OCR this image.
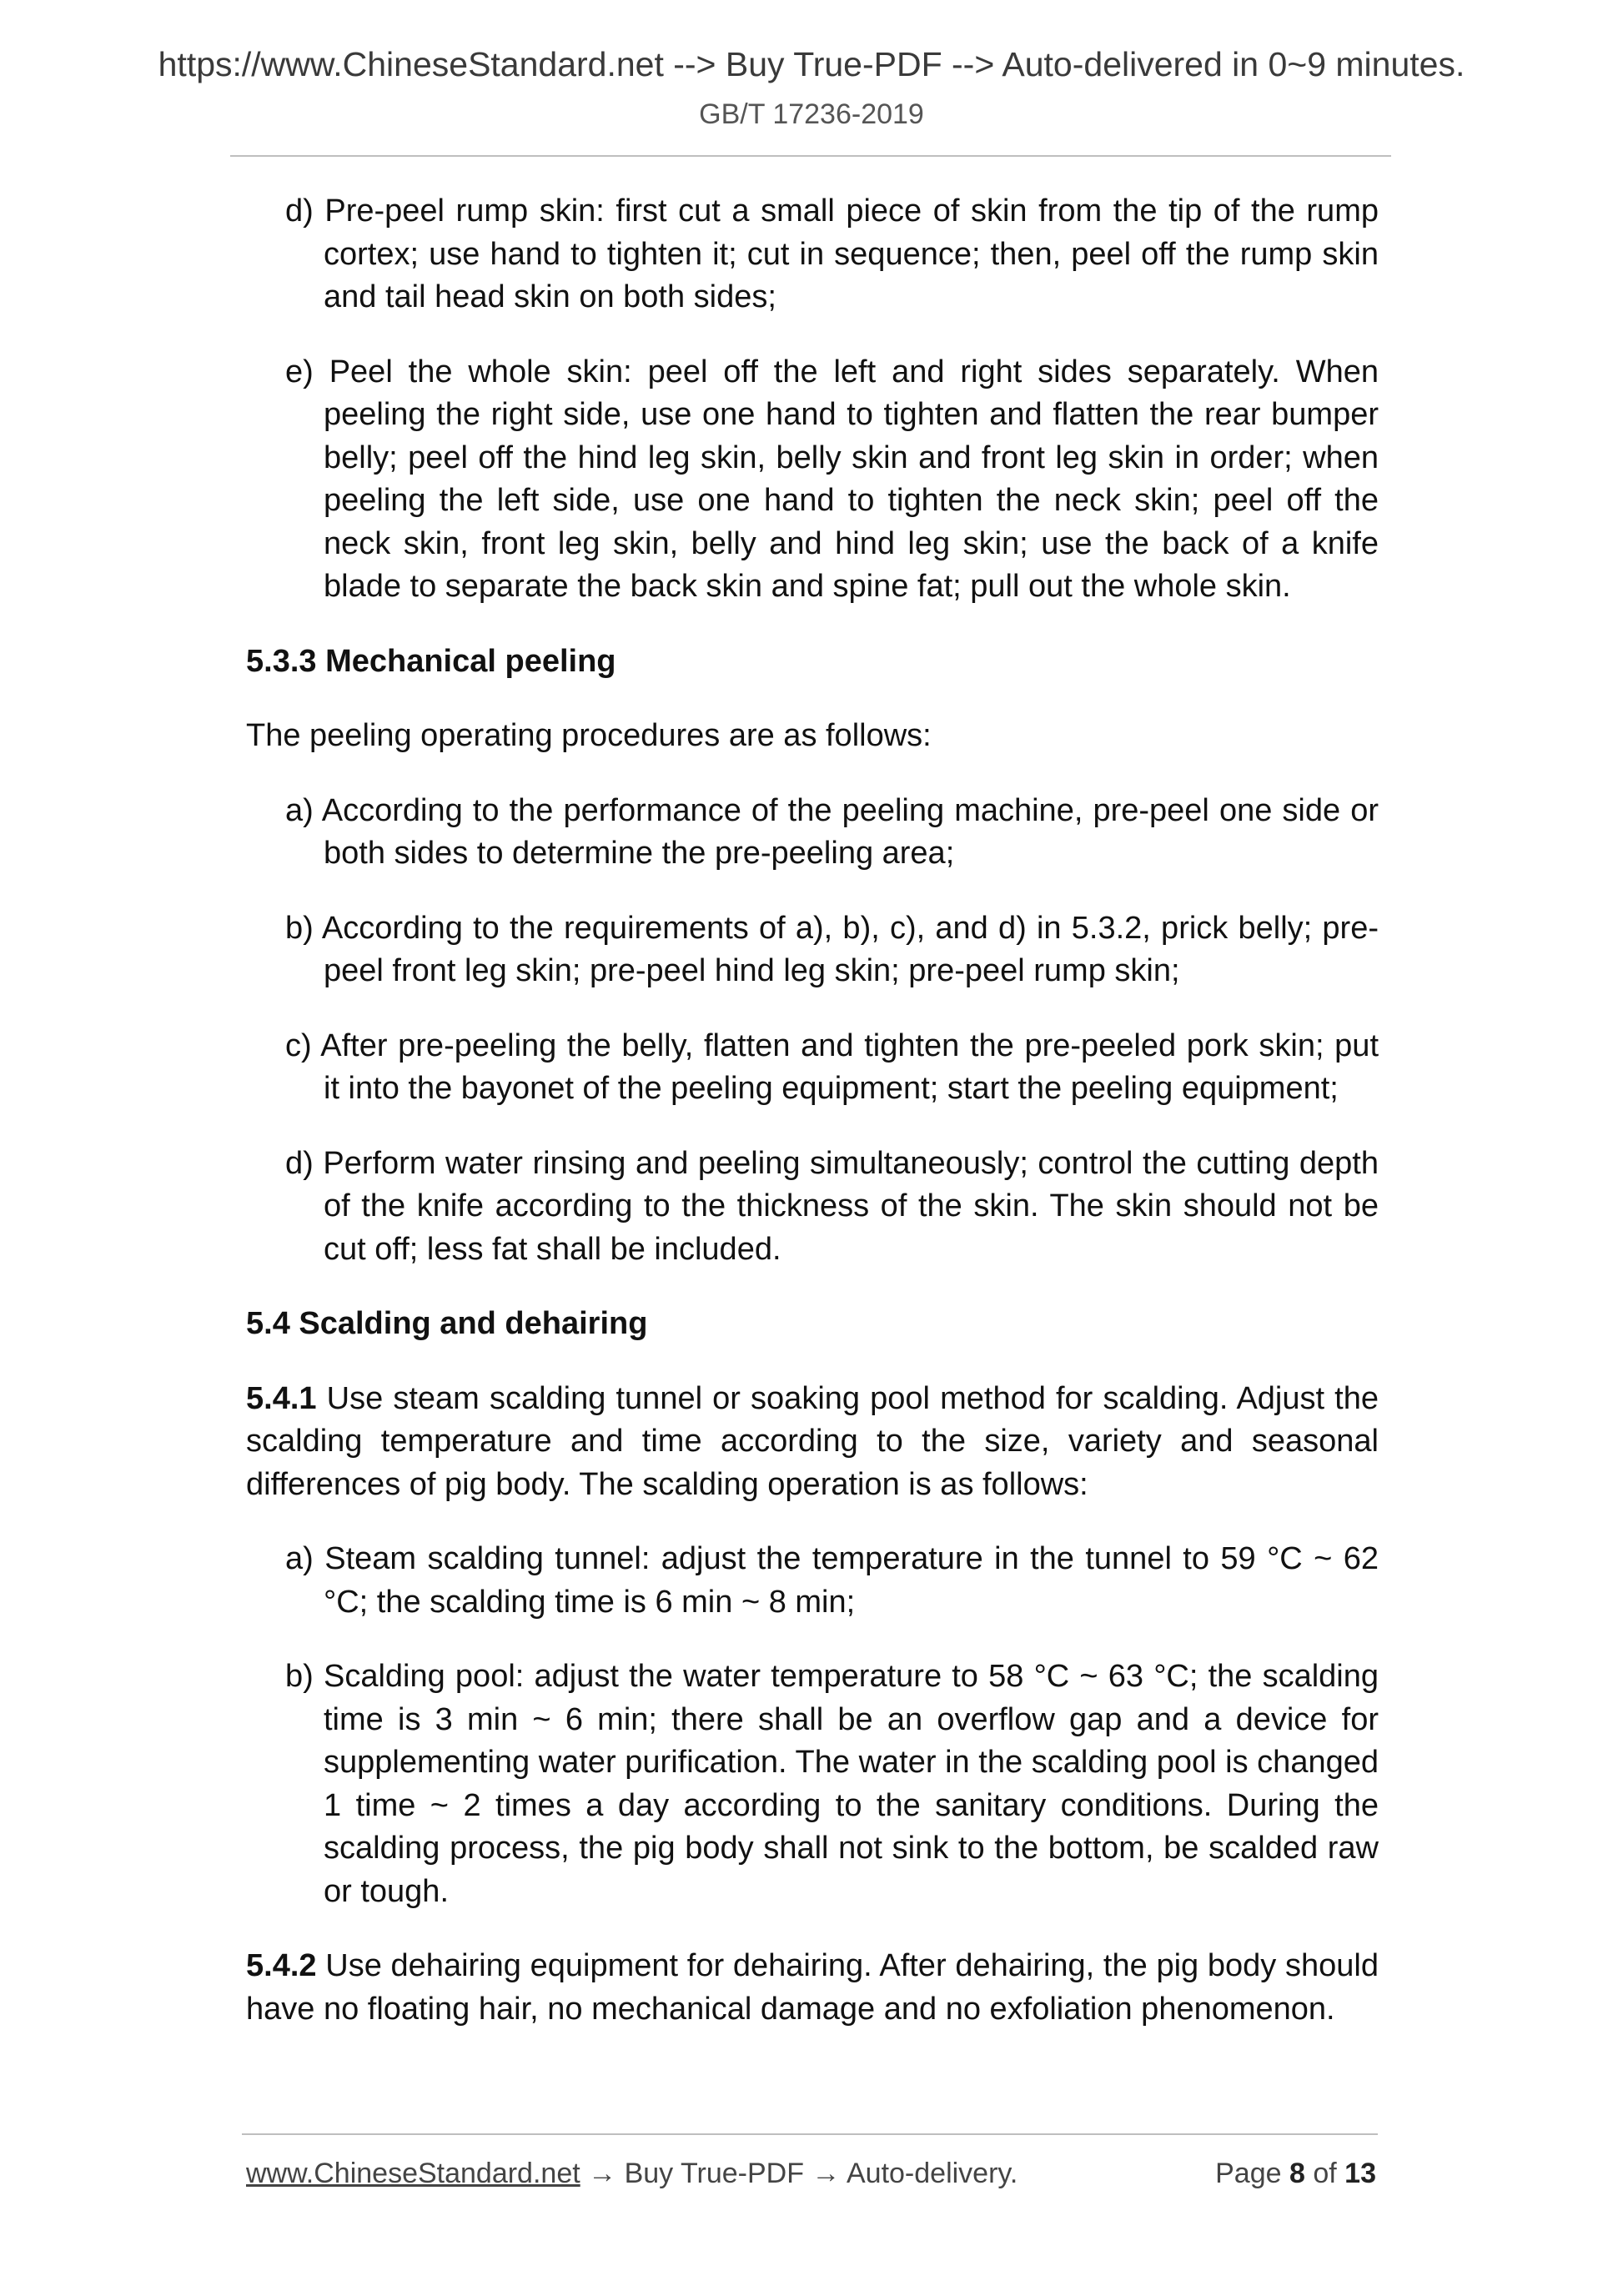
https://www.ChineseStandard.net --> Buy True-PDF --> Auto-delivered in 0~9 minutes.
GB/T 17236-2019

d) Pre-peel rump skin: first cut a small piece of skin from the tip of the rump cortex; use hand to tighten it; cut in sequence; then, peel off the rump skin and tail head skin on both sides;

e) Peel the whole skin: peel off the left and right sides separately. When peeling the right side, use one hand to tighten and flatten the rear bumper belly; peel off the hind leg skin, belly skin and front leg skin in order; when peeling the left side, use one hand to tighten the neck skin; peel off the neck skin, front leg skin, belly and hind leg skin; use the back of a knife blade to separate the back skin and spine fat; pull out the whole skin.

5.3.3 Mechanical peeling

The peeling operating procedures are as follows:

a) According to the performance of the peeling machine, pre-peel one side or both sides to determine the pre-peeling area;

b) According to the requirements of a), b), c), and d) in 5.3.2, prick belly; pre-peel front leg skin; pre-peel hind leg skin; pre-peel rump skin;

c) After pre-peeling the belly, flatten and tighten the pre-peeled pork skin; put it into the bayonet of the peeling equipment; start the peeling equipment;

d) Perform water rinsing and peeling simultaneously; control the cutting depth of the knife according to the thickness of the skin. The skin should not be cut off; less fat shall be included.

5.4 Scalding and dehairing

5.4.1 Use steam scalding tunnel or soaking pool method for scalding. Adjust the scalding temperature and time according to the size, variety and seasonal differences of pig body. The scalding operation is as follows:

a) Steam scalding tunnel: adjust the temperature in the tunnel to 59 °C ~ 62 °C; the scalding time is 6 min ~ 8 min;

b) Scalding pool: adjust the water temperature to 58 °C ~ 63 °C; the scalding time is 3 min ~ 6 min; there shall be an overflow gap and a device for supplementing water purification. The water in the scalding pool is changed 1 time ~ 2 times a day according to the sanitary conditions. During the scalding process, the pig body shall not sink to the bottom, be scalded raw or tough.

5.4.2 Use dehairing equipment for dehairing. After dehairing, the pig body should have no floating hair, no mechanical damage and no exfoliation phenomenon.

www.ChineseStandard.net → Buy True-PDF → Auto-delivery.	Page 8 of 13
